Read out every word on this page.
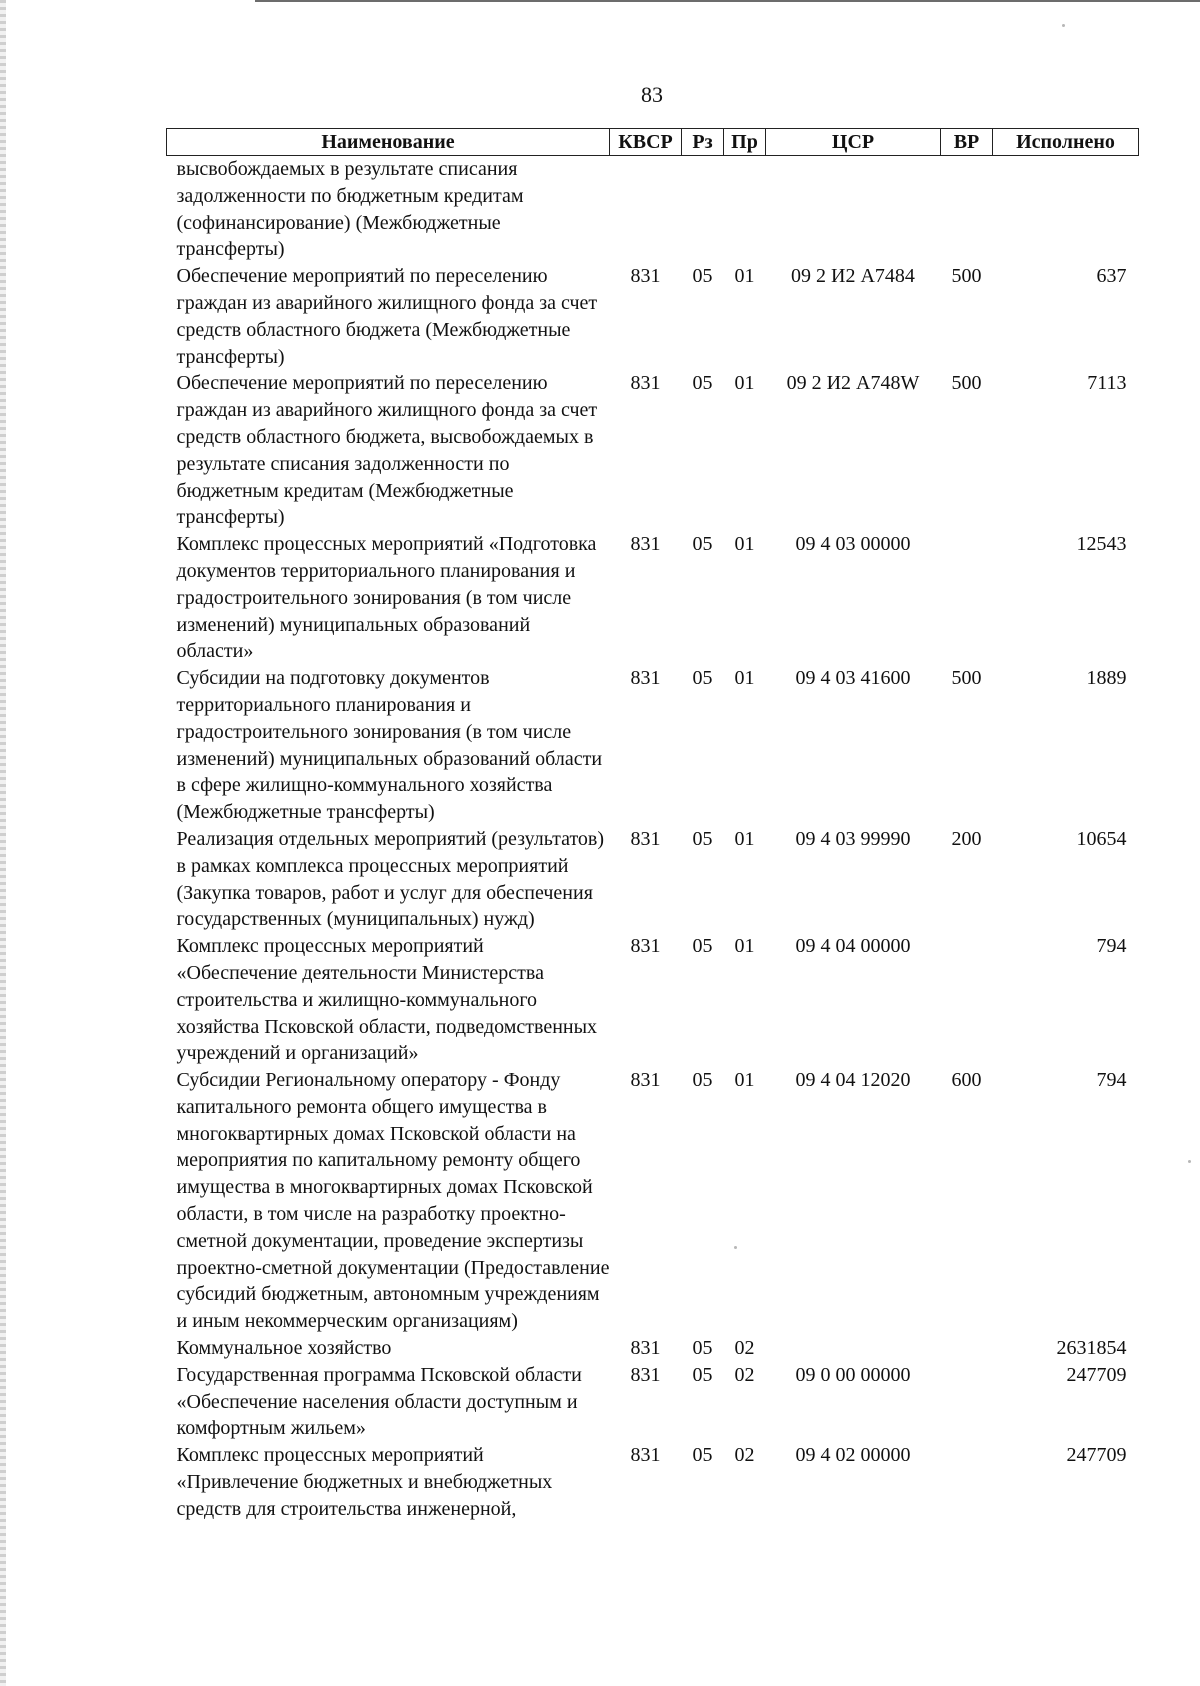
83
Наименование	КВСР	Рз	Пр	ЦСР	ВР	Исполнено
высвобождаемых в результате списания задолженности по бюджетным кредитам (софинансирование) (Межбюджетные трансферты)						
Обеспечение мероприятий по переселению граждан из аварийного жилищного фонда за счет средств областного бюджета (Межбюджетные трансферты)	831	05	01	09 2 И2 А7484	500	637
Обеспечение мероприятий по переселению граждан из аварийного жилищного фонда за счет средств областного бюджета, высвобождаемых в результате списания задолженности по бюджетным кредитам (Межбюджетные трансферты)	831	05	01	09 2 И2 А748W	500	7113
Комплекс процессных мероприятий «Подготовка документов территориального планирования и градостроительного зонирования (в том числе изменений) муниципальных образований области»	831	05	01	09 4 03 00000		12543
Субсидии на подготовку документов территориального планирования и градостроительного зонирования (в том числе изменений) муниципальных образований области в сфере жилищно-коммунального хозяйства (Межбюджетные трансферты)	831	05	01	09 4 03 41600	500	1889
Реализация отдельных мероприятий (результатов) в рамках комплекса процессных мероприятий (Закупка товаров, работ и услуг для обеспечения государственных (муниципальных) нужд)	831	05	01	09 4 03 99990	200	10654
Комплекс процессных мероприятий «Обеспечение деятельности Министерства строительства и жилищно-коммунального хозяйства Псковской области, подведомственных учреждений и организаций»	831	05	01	09 4 04 00000		794
Субсидии Региональному оператору - Фонду капитального ремонта общего имущества в многоквартирных домах Псковской области на мероприятия по капитальному ремонту общего имущества в многоквартирных домах Псковской области, в том числе на разработку проектно-сметной документации, проведение экспертизы проектно-сметной документации (Предоставление субсидий бюджетным, автономным учреждениям и иным некоммерческим организациям)	831	05	01	09 4 04 12020	600	794
Коммунальное хозяйство	831	05	02			2631854
Государственная программа Псковской области «Обеспечение населения области доступным и комфортным жильем»	831	05	02	09 0 00 00000		247709
Комплекс процессных мероприятий «Привлечение бюджетных и внебюджетных средств для строительства инженерной,	831	05	02	09 4 02 00000		247709
